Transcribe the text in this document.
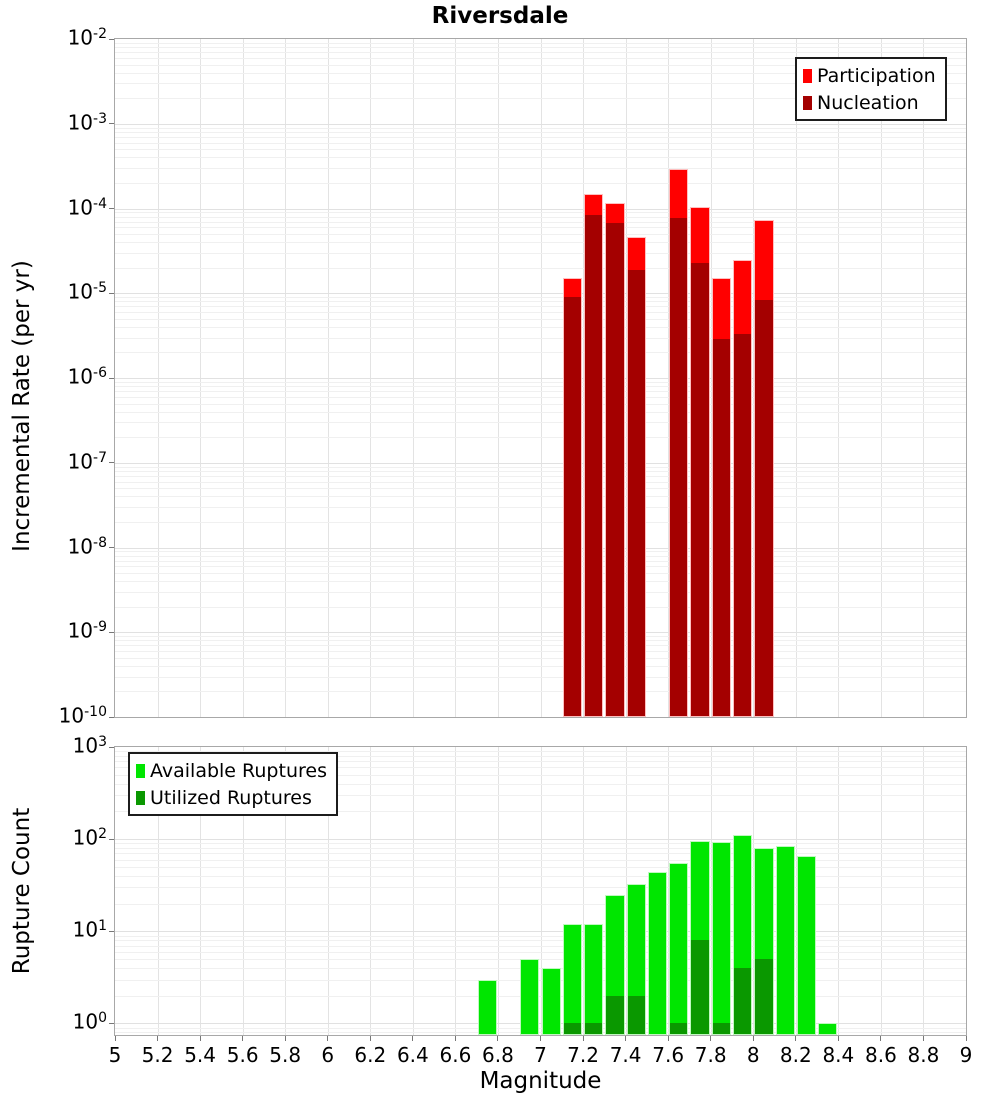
Riversdale
Incremental Rate (per yr)
Rupture Count
Magnitude
$10^{-2}$
$10^{-3}$
$10^{-4}$
$10^{-5}$
$10^{-6}$
$10^{-7}$
$10^{-8}$
$10^{-9}$
$10^{-10}$
$10^3$
$10^2$
$10^1$
$10^0$
5	5.2 5.4 5.6 5.8	6	6.2 6.4 6.6 6.8	7	7.2 7.4 7.6 7.8	8	8.2 8.4 8.6 8.8	9
Participation
Nucleation
Available Ruptures
Utilized Ruptures
